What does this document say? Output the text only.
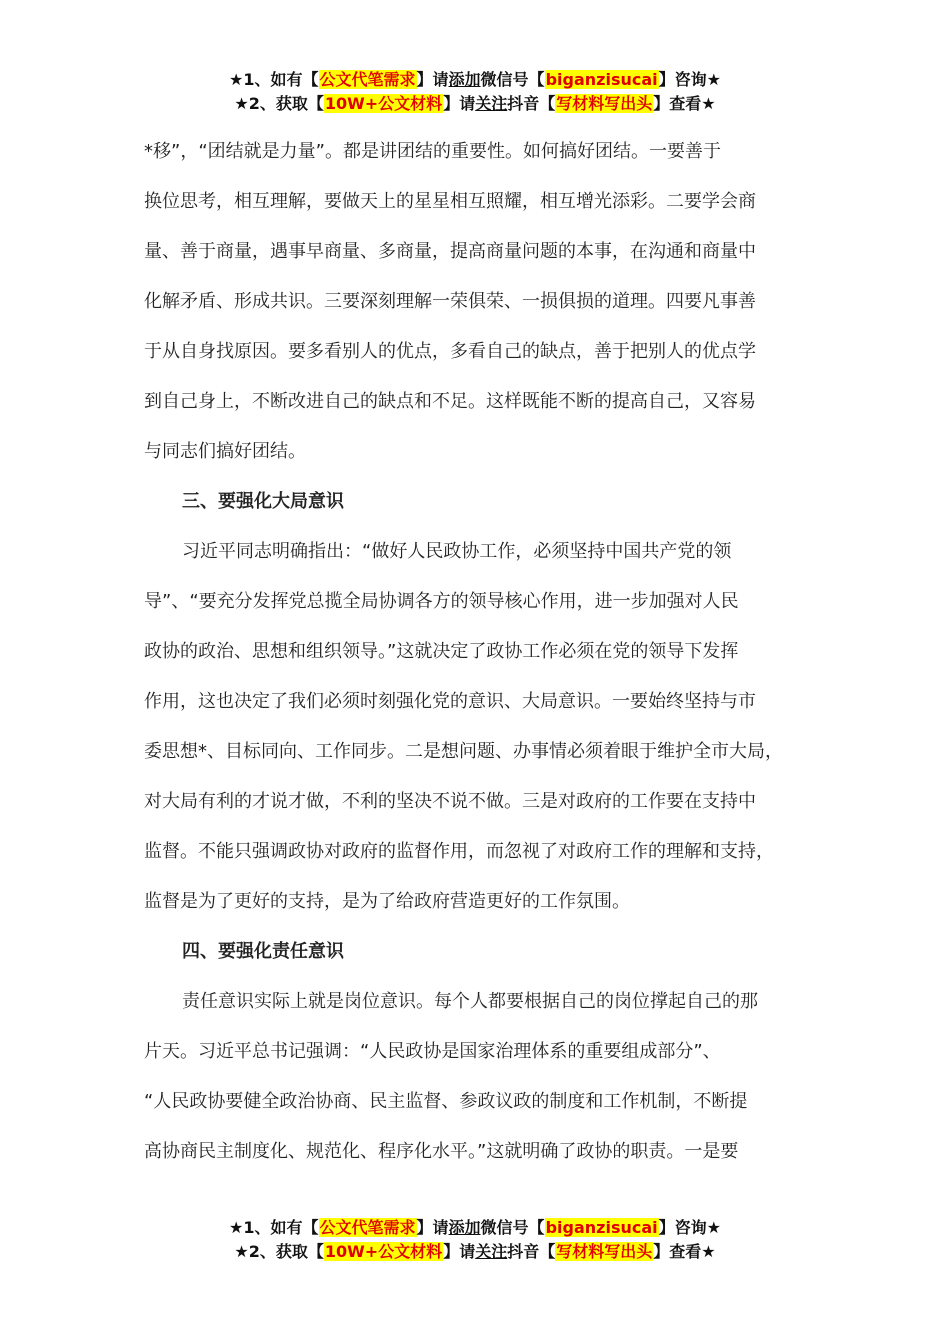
★1、如有【公文代笔需求】请添加微信号【biganzisucai】咨询★
★2、获取【10W+公文材料】请关注抖音【写材料写出头】查看★

*移”，“团结就是力量”。都是讲团结的重要性。如何搞好团结。一要善于

换位思考，相互理解，要做天上的星星相互照耀，相互增光添彩。二要学会商

量、善于商量，遇事早商量、多商量，提高商量问题的本事，在沟通和商量中

化解矛盾、形成共识。三要深刻理解一荣俱荣、一损俱损的道理。四要凡事善

于从自身找原因。要多看别人的优点，多看自己的缺点，善于把别人的优点学

到自己身上，不断改进自己的缺点和不足。这样既能不断的提高自己，又容易

与同志们搞好团结。

三、要强化大局意识

习近平同志明确指出：“做好人民政协工作，必须坚持中国共产党的领

导”、“要充分发挥党总揽全局协调各方的领导核心作用，进一步加强对人民

政协的政治、思想和组织领导。”这就决定了政协工作必须在党的领导下发挥

作用，这也决定了我们必须时刻强化党的意识、大局意识。一要始终坚持与市

委思想*、目标同向、工作同步。二是想问题、办事情必须着眼于维护全市大局，

对大局有利的才说才做，不利的坚决不说不做。三是对政府的工作要在支持中

监督。不能只强调政协对政府的监督作用，而忽视了对政府工作的理解和支持，

监督是为了更好的支持，是为了给政府营造更好的工作氛围。

四、要强化责任意识

责任意识实际上就是岗位意识。每个人都要根据自己的岗位撑起自己的那

片天。习近平总书记强调：“人民政协是国家治理体系的重要组成部分”、

“人民政协要健全政治协商、民主监督、参政议政的制度和工作机制，不断提

高协商民主制度化、规范化、程序化水平。”这就明确了政协的职责。一是要

★1、如有【公文代笔需求】请添加微信号【biganzisucai】咨询★
★2、获取【10W+公文材料】请关注抖音【写材料写出头】查看★
